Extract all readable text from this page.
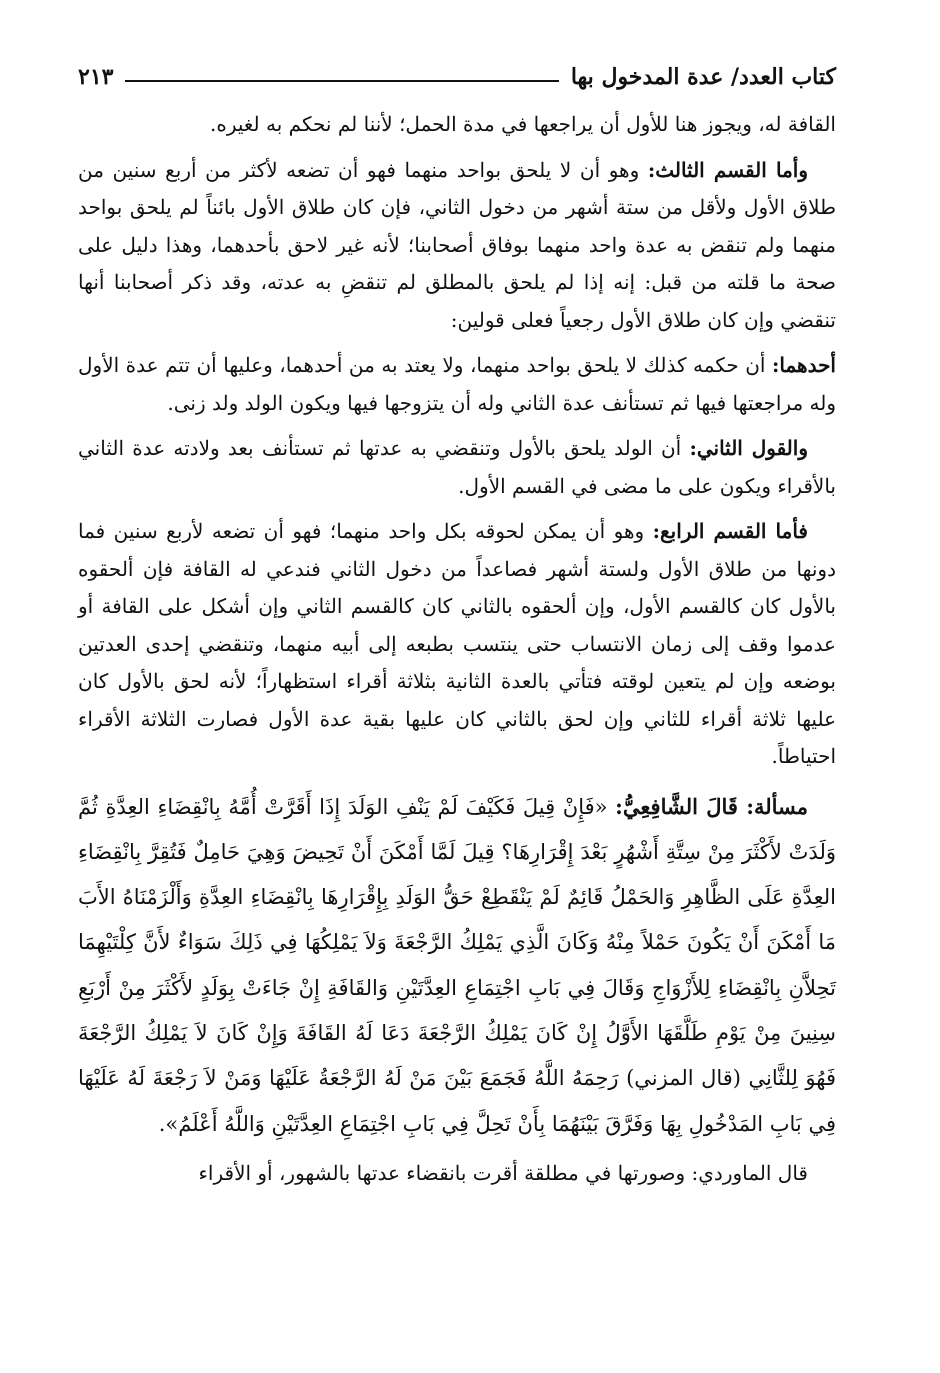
كتاب العدد/ عدة المدخول بها
٢١٣

القافة له، ويجوز هنا للأول أن يراجعها في مدة الحمل؛ لأننا لم نحكم به لغيره.

وأما القسم الثالث: وهو أن لا يلحق بواحد منهما فهو أن تضعه لأكثر من أربع سنين من طلاق الأول ولأقل من ستة أشهر من دخول الثاني، فإن كان طلاق الأول بائناً لم يلحق بواحد منهما ولم تنقض به عدة واحد منهما بوفاق أصحابنا؛ لأنه غير لاحق بأحدهما، وهذا دليل على صحة ما قلته من قبل: إنه إذا لم يلحق بالمطلق لم تنقضِ به عدته، وقد ذكر أصحابنا أنها تنقضي وإن كان طلاق الأول رجعياً فعلى قولين:

أحدهما: أن حكمه كذلك لا يلحق بواحد منهما، ولا يعتد به من أحدهما، وعليها أن تتم عدة الأول وله مراجعتها فيها ثم تستأنف عدة الثاني وله أن يتزوجها فيها ويكون الولد ولد زنى.

والقول الثاني: أن الولد يلحق بالأول وتنقضي به عدتها ثم تستأنف بعد ولادته عدة الثاني بالأقراء ويكون على ما مضى في القسم الأول.

فأما القسم الرابع: وهو أن يمكن لحوقه بكل واحد منهما؛ فهو أن تضعه لأربع سنين فما دونها من طلاق الأول ولستة أشهر فصاعداً من دخول الثاني فندعي له القافة فإن ألحقوه بالأول كان كالقسم الأول، وإن ألحقوه بالثاني كان كالقسم الثاني وإن أشكل على القافة أو عدموا وقف إلى زمان الانتساب حتى ينتسب بطبعه إلى أبيه منهما، وتنقضي إحدى العدتين بوضعه وإن لم يتعين لوقته فتأتي بالعدة الثانية بثلاثة أقراء استظهاراً؛ لأنه لحق بالأول كان عليها ثلاثة أقراء للثاني وإن لحق بالثاني كان عليها بقية عدة الأول فصارت الثلاثة الأقراء احتياطاً.

مسألة: قَالَ الشَّافِعِيُّ: «فَإِنْ قِيلَ فَكَيْفَ لَمْ يَنْفِ الوَلَدَ إِذَا أَقَرَّتْ أُمَّهُ بِانْقِضَاءِ العِدَّةِ ثُمَّ وَلَدَتْ لأَكْثَرَ مِنْ سِتَّةِ أَشْهُرٍ بَعْدَ إِقْرَارِهَا؟ قِيلَ لَمَّا أَمْكَنَ أَنْ تَحِيضَ وَهِيَ حَامِلٌ فَتُقِرَّ بِانْقِضَاءِ العِدَّةِ عَلَى الظَّاهِرِ وَالحَمْلُ قَائِمٌ لَمْ يَنْقَطِعْ حَقُّ الوَلَدِ بِإِقْرَارِهَا بِانْقِضَاءِ العِدَّةِ وَأَلْزَمْنَاهُ الأَبَ مَا أَمْكَنَ أَنْ يَكُونَ حَمْلاً مِنْهُ وَكَانَ الَّذِي يَمْلِكُ الرَّجْعَةَ وَلاَ يَمْلِكُهَا فِي ذَلِكَ سَوَاءٌ لأَنَّ كِلْتَيْهِمَا تَحِلاَّنِ بِانْقِضَاءِ لِلأَزْوَاجِ وَقَالَ فِي بَابِ اجْتِمَاعِ العِدَّتَيْنِ وَالقَافَةِ إِنْ جَاءَتْ بِوَلَدٍ لأَكْثَرَ مِنْ أَرْبَعِ سِنِينَ مِنْ يَوْمِ طَلَّقَهَا الأَوَّلُ إِنْ كَانَ يَمْلِكُ الرَّجْعَةَ دَعَا لَهُ القَافَةَ وَإِنْ كَانَ لاَ يَمْلِكُ الرَّجْعَةَ فَهُوَ لِلثَّانِي (قال المزني) رَحِمَهُ اللَّهُ فَجَمَعَ بَيْنَ مَنْ لَهُ الرَّجْعَةُ عَلَيْهَا وَمَنْ لاَ رَجْعَةَ لَهُ عَلَيْهَا فِي بَابِ المَدْخُولِ بِهَا وَفَرَّقَ بَيْنَهُمَا بِأَنْ تَحِلَّ فِي بَابِ اجْتِمَاعِ العِدَّتَيْنِ وَاللَّهُ أَعْلَمُ».

قال الماوردي: وصورتها في مطلقة أقرت بانقضاء عدتها بالشهور، أو الأقراء
